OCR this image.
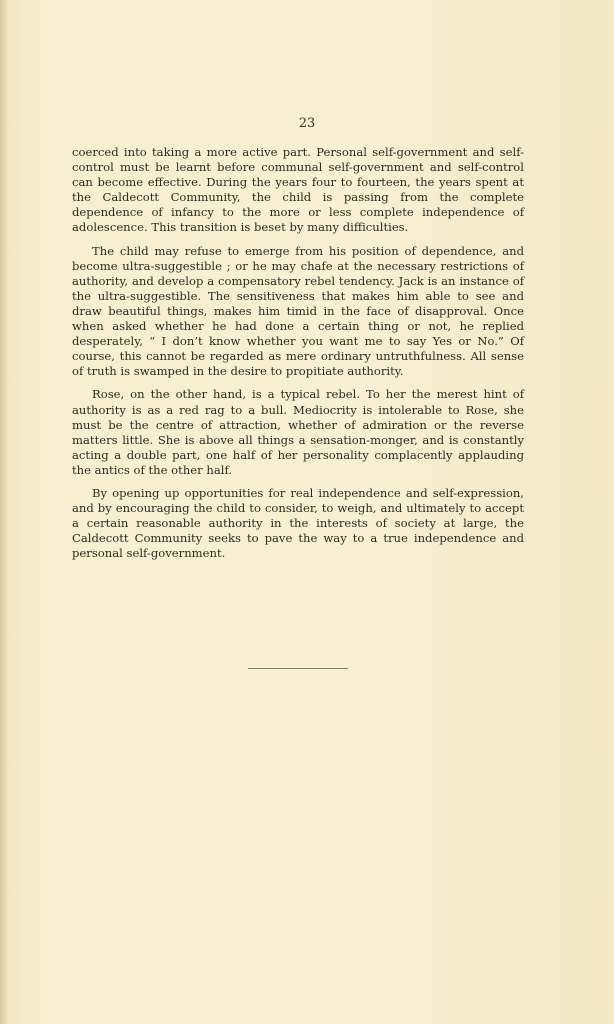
23

coerced into taking a more active part. Personal self-government and self-control must be learnt before communal self-government and self-control can become effective. During the years four to fourteen, the years spent at the Caldecott Community, the child is passing from the complete dependence of infancy to the more or less complete independence of adolescence. This transition is beset by many difficulties.

The child may refuse to emerge from his position of dependence, and become ultra-suggestible ; or he may chafe at the necessary restrictions of authority, and develop a compensatory rebel tendency. Jack is an instance of the ultra-suggestible. The sensitiveness that makes him able to see and draw beautiful things, makes him timid in the face of disapproval. Once when asked whether he had done a certain thing or not, he replied desperately, “ I don’t know whether you want me to say Yes or No.” Of course, this cannot be regarded as mere ordinary untruthfulness. All sense of truth is swamped in the desire to propitiate authority.

Rose, on the other hand, is a typical rebel. To her the merest hint of authority is as a red rag to a bull. Mediocrity is intolerable to Rose, she must be the centre of attraction, whether of admiration or the reverse matters little. She is above all things a sensation-monger, and is constantly acting a double part, one half of her personality complacently applauding the antics of the other half.

By opening up opportunities for real independence and self-expression, and by encouraging the child to consider, to weigh, and ultimately to accept a certain reasonable authority in the interests of society at large, the Caldecott Community seeks to pave the way to a true independence and personal self-government.
